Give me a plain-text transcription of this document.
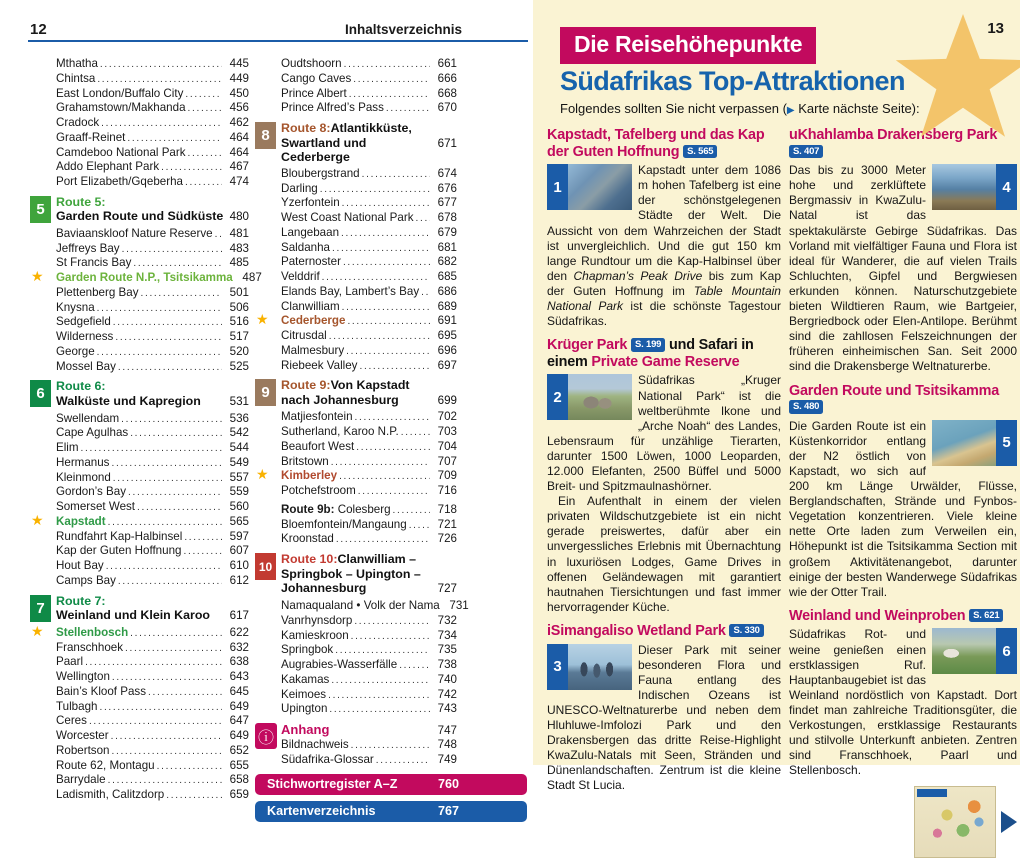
12	Inhaltsverzeichnis
Mthatha .....	445
Chintsa .....	449
East London/Buffalo City .....	450
Grahamstown/Makhanda .....	456
Cradock .....	462
Graaff-Reinet .....	464
Camdeboo National Park .....	464
Addo Elephant Park .....	467
Port Elizabeth/Gqeberha .....	474
5 Route 5:
Garden Route und Südküste 480
Baviaanskloof Nature Reserve .....	481
Jeffreys Bay .....	483
St Francis Bay .....	485
★ Garden Route N.P., Tsitsikamma 487
Plettenberg Bay .....	501
Knysna .....	506
Sedgefield .....	516
Wilderness .....	517
George .....	520
Mossel Bay .....	525
6 Route 6:
Walküste und Kapregion	531
Swellendam .....	536
Cape Agulhas .....	542
Elim .....	544
Hermanus .....	549
Kleinmond .....	557
Gordon’s Bay .....	559
Somerset West .....	560
★ Kapstadt .....	565
Rundfahrt Kap-Halbinsel .....	597
Kap der Guten Hoffnung .....	607
Hout Bay .....	610
Camps Bay .....	612
7 Route 7:
Weinland und Klein Karoo	617
★ Stellenbosch .....	622
Franschhoek .....	632
Paarl .....	638
Wellington .....	643
Bain’s Kloof Pass .....	645
Tulbagh .....	649
Ceres .....	647
Worcester .....	649
Robertson .....	652
Route 62, Montagu .....	655
Barrydale .....	658
Ladismith, Calitzdorp .....	659
Oudtshoorn .....	661
Cango Caves .....	666
Prince Albert .....	668
Prince Alfred’s Pass .....	670
8 Route 8: Atlantikküste,
Swartland und Cederberge
671
Bloubergstrand .....	674
Darling .....	676
Yzerfontein .....	677
West Coast National Park .....	678
Langebaan .....	679
Saldanha .....	681
Paternoster .....	682
Velddrif .....	685
Elands Bay, Lambert’s Bay .....	686
Clanwilliam .....	689
★ Cederberge .....	691
Citrusdal .....	695
Malmesbury .....	696
Riebeek Valley .....	697
9 Route 9: Von Kapstadt
nach Johannesburg	699
Matjiesfontein .....	702
Sutherland, Karoo N.P. .....	703
Beaufort West .....	704
Britstown .....	707
★ Kimberley .....	709
Potchefstroom .....	716
Route 9b: Colesberg .....	718
Bloemfontein/Mangaung .....	721
Kroonstad .....	726
10
Route 10: Clanwilliam –
Springbok – Upington –
Johannesburg	727
Namaqualand • Volk der Nama 731
Vanrhynsdorp .....	732
Kamieskroon .....	734
Springbok .....	735
Augrabies-Wasserfälle .....	738
Kakamas .....	740
Keimoes .....	742
Upington .....	743
ⓘ Anhang	747
Bildnachweis .....	748
Südafrika-Glossar .....	749
Stichwortregister A–Z	760
Kartenverzeichnis	767
13
Die Reisehöhepunkte
Südafrikas Top-Attraktionen
Folgendes sollten Sie nicht verpassen (▶ Karte nächste Seite):
Kapstadt, Tafelberg und das Kap der Guten Hoffnung S. 565
1
Kapstadt unter dem 1086 m hohen Tafelberg ist eine der schönstgelegenen Städte der Welt. Die Aussicht von dem Wahrzeichen der Stadt ist unvergleichlich. Und die gut 150 km lange Rundtour um die Kap-Halbinsel über den Chapman’s Peak Drive bis zum Kap der Guten Hoffnung im Table Mountain National Park ist die schönste Tagestour Südafrikas.
Krüger Park S. 199 und Safari in einem Private Game Reserve
2
Südafrikas „Kruger National Park“ ist die weltberühmte Ikone und „Arche Noah“ des Landes, Lebensraum für unzählige Tierarten, darunter 1500 Löwen, 1000 Leoparden, 12.000 Elefanten, 2500 Büffel und 5000 Breit- und Spitzmaulnashörner.
Ein Aufenthalt in einem der vielen privaten Wildschutzgebiete ist ein nicht gerade preiswertes, dafür aber ein unvergessliches Erlebnis mit Übernachtung in luxuriösen Lodges, Game Drives in offenen Geländewagen mit garantiert hautnahen Tiersichtungen und fast immer hervorragender Küche.
iSimangaliso Wetland Park S. 330
3
Dieser Park mit seiner besonderen Flora und Fauna entlang des Indischen Ozeans ist UNESCO-Weltnaturerbe und neben dem Hluhluwe-Imfolozi Park und den Drakensbergen das dritte Reise-Highlight KwaZulu-Natals mit Seen, Stränden und Dünenlandschaften. Zentrum ist die kleine Stadt St Lucia.
uKhahlamba Drakensberg Park S. 407
4
Das bis zu 3000 Meter hohe und zerklüftete Bergmassiv in KwaZulu-Natal ist das spektakulärste Gebirge Südafrikas. Das Vorland mit vielfältiger Fauna und Flora ist ideal für Wanderer, die auf vielen Trails Schluchten, Gipfel und Bergwiesen erkunden können. Naturschutzgebiete bieten Wildtieren Raum, wie Bartgeier, Bergriedbock oder Elen-Antilope. Berühmt sind die zahllosen Felszeichnungen der früheren einheimischen San. Seit 2000 sind die Drakensberge Weltnaturerbe.
Garden Route und Tsitsikamma S. 480
5
Die Garden Route ist ein Küstenkorridor entlang der N2 östlich von Kapstadt, wo sich auf 200 km Länge Urwälder, Flüsse, Berglandschaften, Strände und Fynbos-Vegetation konzentrieren. Viele kleine nette Orte laden zum Verweilen ein, Höhepunkt ist die Tsitsikamma Section mit großem Aktivitätenangebot, darunter einige der besten Wanderwege Südafrikas wie der Otter Trail.
Weinland und Weinproben S. 621
6
Südafrikas Rot- und weine genießen einen erstklassigen Ruf. Hauptanbaugebiet ist das Weinland nordöstlich von Kapstadt. Dort findet man zahlreiche Traditionsgüter, die Verkostungen, erstklassige Restaurants und stilvolle Unterkunft anbieten. Zentren sind Franschhoek, Paarl und Stellenbosch.
